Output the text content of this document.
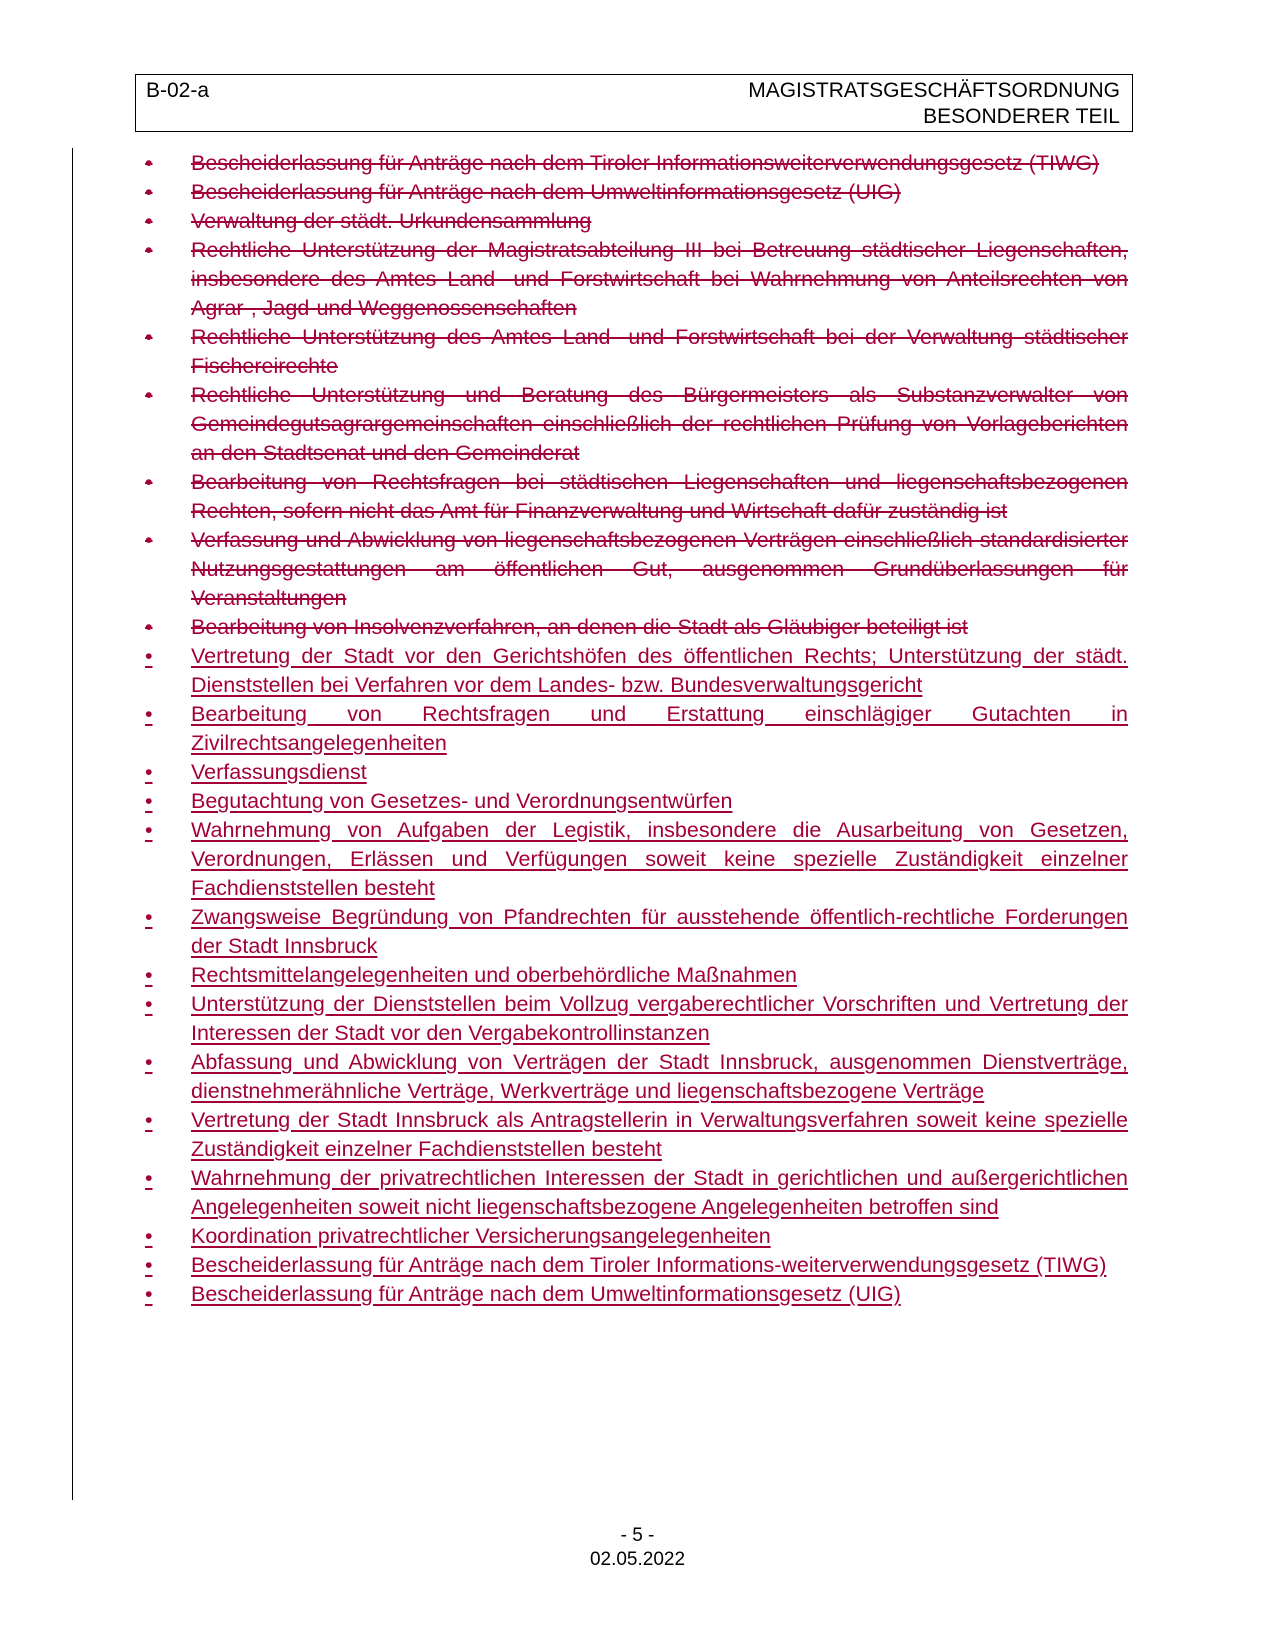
B-02-a	MAGISTRATSGESCHÄFTSORDNUNG
BESONDERER TEIL
•	Bescheiderlassung für Anträge nach dem Tiroler Informationsweiterverwendungsgesetz (TIWG)
•	Bescheiderlassung für Anträge nach dem Umweltinformationsgesetz (UIG)
•	Verwaltung der städt. Urkundensammlung
•	Rechtliche Unterstützung der Magistratsabteilung III bei Betreuung städtischer Liegenschaften, insbesondere des Amtes Land- und Forstwirtschaft bei Wahrnehmung von Anteilsrechten von Agrar-, Jagd-und Weggenossenschaften
•	Rechtliche Unterstützung des Amtes Land- und Forstwirtschaft bei der Verwaltung städtischer Fischereirechte
•	Rechtliche Unterstützung und Beratung des Bürgermeisters als Substanzverwalter von Gemeindegutsagrargemeinschaften einschließlich der rechtlichen Prüfung von Vorlageberichten an den Stadtsenat und den Gemeinderat
•	Bearbeitung von Rechtsfragen bei städtischen Liegenschaften und liegenschaftsbezogenen Rechten, sofern nicht das Amt für Finanzverwaltung und Wirtschaft dafür zuständig ist
•	Verfassung und Abwicklung von liegenschaftsbezogenen Verträgen einschließlich standardisierter Nutzungsgestattungen am öffentlichen Gut, ausgenommen Grundüberlassungen für Veranstaltungen
•	Bearbeitung von Insolvenzverfahren, an denen die Stadt als Gläubiger beteiligt ist
•	Vertretung der Stadt vor den Gerichtshöfen des öffentlichen Rechts; Unterstützung der städt. Dienststellen bei Verfahren vor dem Landes- bzw. Bundesverwaltungsgericht
•	Bearbeitung von Rechtsfragen und Erstattung einschlägiger Gutachten in Zivilrechtsangelegenheiten
•	Verfassungsdienst
•	Begutachtung von Gesetzes- und Verordnungsentwürfen
•	Wahrnehmung von Aufgaben der Legistik, insbesondere die Ausarbeitung von Gesetzen, Verordnungen, Erlässen und Verfügungen soweit keine spezielle Zuständigkeit einzelner Fachdienststellen besteht
•	Zwangsweise Begründung von Pfandrechten für ausstehende öffentlich-rechtliche Forderungen der Stadt Innsbruck
•	Rechtsmittelangelegenheiten und oberbehördliche Maßnahmen
•	Unterstützung der Dienststellen beim Vollzug vergaberechtlicher Vorschriften und Vertretung der Interessen der Stadt vor den Vergabekontrollinstanzen
•	Abfassung und Abwicklung von Verträgen der Stadt Innsbruck, ausgenommen Dienstverträge, dienstnehmerähnliche Verträge, Werkverträge und liegenschaftsbezogene Verträge
•	Vertretung der Stadt Innsbruck als Antragstellerin in Verwaltungsverfahren soweit keine spezielle Zuständigkeit einzelner Fachdienststellen besteht
•	Wahrnehmung der privatrechtlichen Interessen der Stadt in gerichtlichen und außergerichtlichen Angelegenheiten soweit nicht liegenschaftsbezogene Angelegenheiten betroffen sind
•	Koordination privatrechtlicher Versicherungsangelegenheiten
•	Bescheiderlassung für Anträge nach dem Tiroler Informations-weiterverwendungsgesetz (TIWG)
•	Bescheiderlassung für Anträge nach dem Umweltinformationsgesetz (UIG)
- 5 -
02.05.2022
